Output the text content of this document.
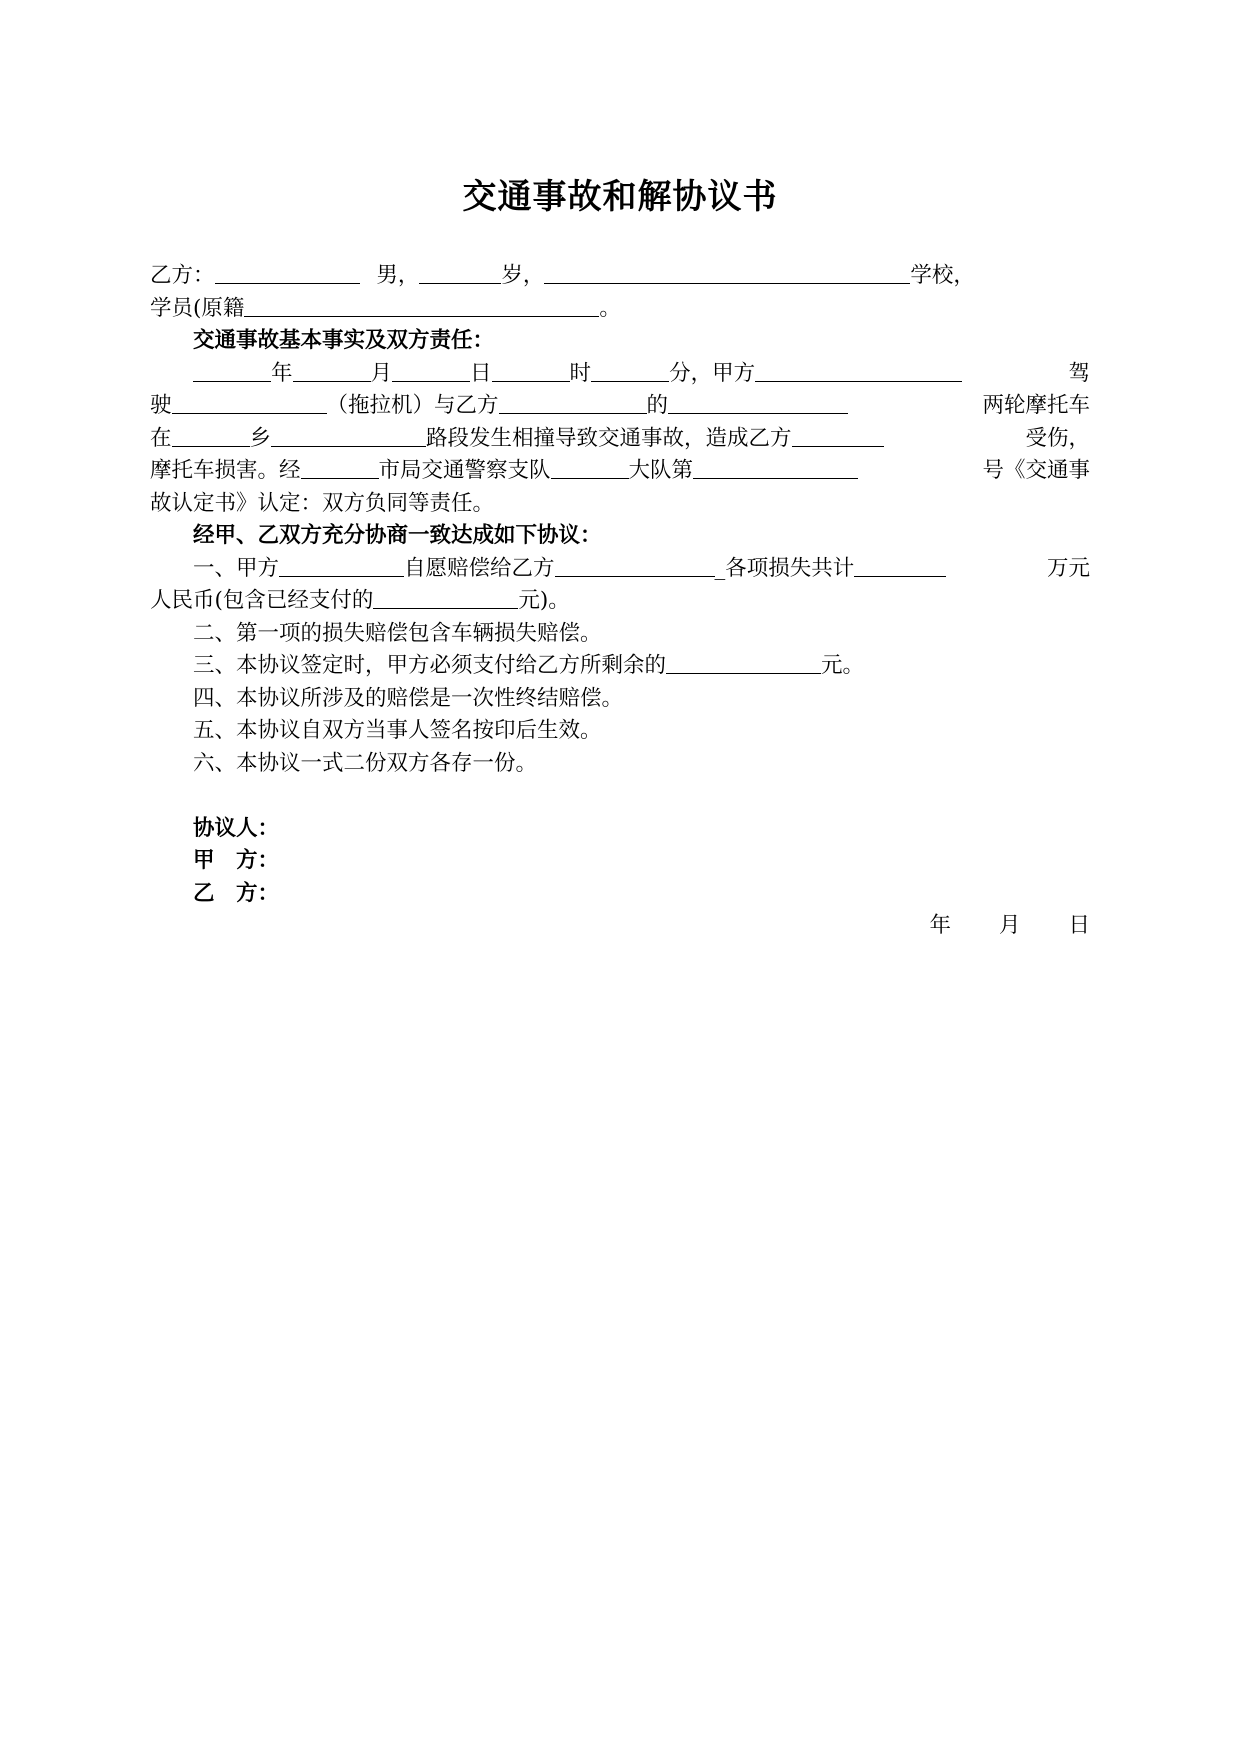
交通事故和解协议书
乙方：	男，	岁，	学校，
学员(原籍	。
交通事故基本事实及双方责任：
年	月	日	时	分，甲方	驾
驶	（拖拉机）与乙方	的	两轮摩托车
在	乡	路段发生相撞导致交通事故，造成乙方	受伤，
摩托车损害。经	市局交通警察支队	大队第	号《交通事
故认定书》认定：双方负同等责任。
经甲、乙双方充分协商一致达成如下协议：
一、甲方	自愿赔偿给乙方	_各项损失共计	万元
人民币(包含已经支付的	元)。
二、第一项的损失赔偿包含车辆损失赔偿。
三、本协议签定时，甲方必须支付给乙方所剩余的	元。
四、本协议所涉及的赔偿是一次性终结赔偿。
五、本协议自双方当事人签名按印后生效。
六、本协议一式二份双方各存一份。
协议人：
甲　方：
乙　方：
年 月 日
